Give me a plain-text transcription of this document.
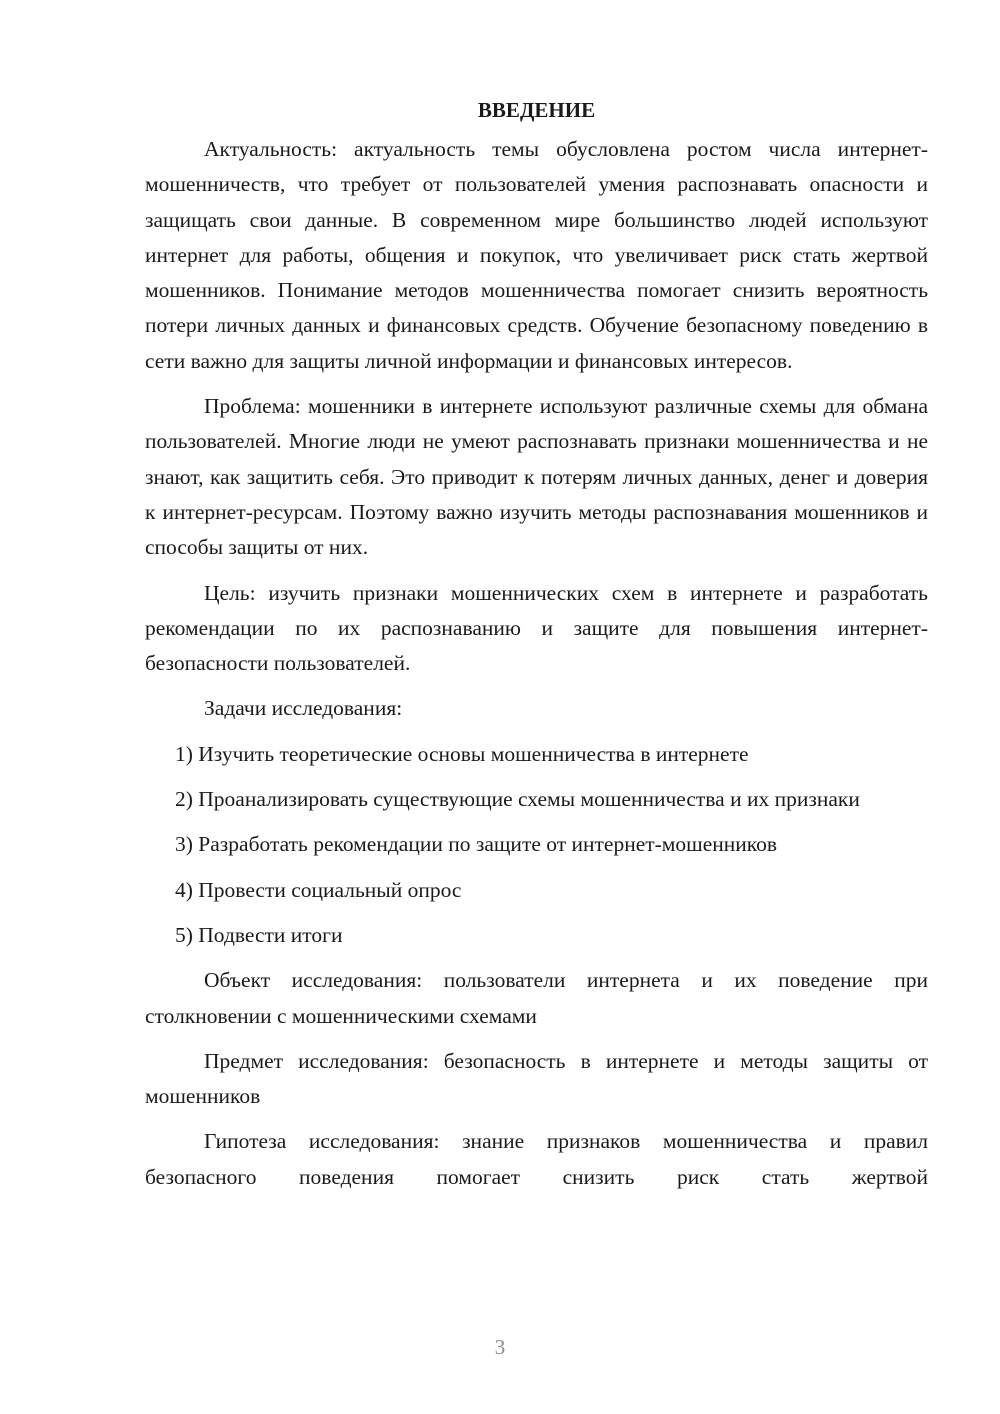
ВВЕДЕНИЕ

Актуальность: актуальность темы обусловлена ростом числа интернет-мошенничеств, что требует от пользователей умения распознавать опасности и защищать свои данные. В современном мире большинство людей используют интернет для работы, общения и покупок, что увеличивает риск стать жертвой мошенников. Понимание методов мошенничества помогает снизить вероятность потери личных данных и финансовых средств. Обучение безопасному поведению в сети важно для защиты личной информации и финансовых интересов.

Проблема: мошенники в интернете используют различные схемы для обмана пользователей. Многие люди не умеют распознавать признаки мошенничества и не знают, как защитить себя. Это приводит к потерям личных данных, денег и доверия к интернет-ресурсам. Поэтому важно изучить методы распознавания мошенников и способы защиты от них.

Цель: изучить признаки мошеннических схем в интернете и разработать рекомендации по их распознаванию и защите для повышения интернет-безопасности пользователей.

Задачи исследования:

1) Изучить теоретические основы мошенничества в интернете

2) Проанализировать существующие схемы мошенничества и их признаки

3) Разработать рекомендации по защите от интернет-мошенников

4) Провести социальный опрос

5) Подвести итоги

Объект исследования: пользователи интернета и их поведение при столкновении с мошенническими схемами

Предмет исследования: безопасность в интернете и методы защиты от мошенников

Гипотеза исследования: знание признаков мошенничества и правил безопасного поведения помогает снизить риск стать жертвой

3
